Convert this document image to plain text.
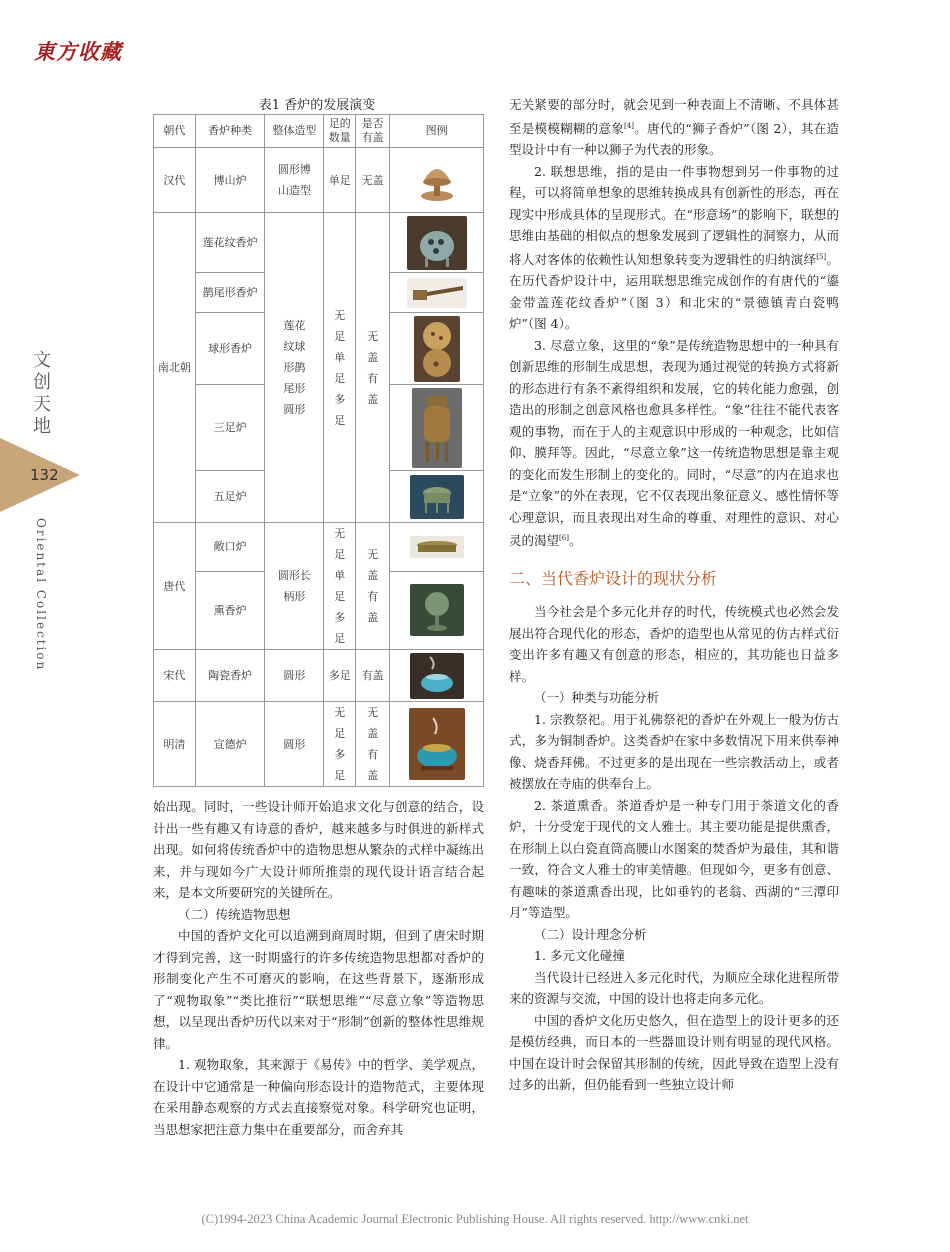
東方收藏
文创天地
132
Oriental Collection
表1 香炉的发展演变
朝代	香炉种类	整体造型	足的数量	是否有盖	图例
汉代	博山炉	圆形博山造型	单足	无盖	

南北朝	莲花纹香炉	莲花纹球形鹊尾形圆形	无足单足多足	无盖有盖	

	鹊尾形香炉	

	球形香炉	

	三足炉	

	五足炉	

唐代	敞口炉	圆形长柄形	无足单足多足	无盖有盖	

	熏香炉	

宋代	陶瓷香炉	圆形	多足	有盖	

明清	宣德炉	圆形	无足多足	无盖有盖	

始出现。同时，一些设计师开始追求文化与创意的结合，设计出一些有趣又有诗意的香炉，越来越多与时俱进的新样式出现。如何将传统香炉中的造物思想从繁杂的式样中凝练出来，并与现如今广大设计师所推崇的现代设计语言结合起来，是本文所要研究的关键所在。

（二）传统造物思想

中国的香炉文化可以追溯到商周时期，但到了唐宋时期才得到完善，这一时期盛行的许多传统造物思想都对香炉的形制变化产生不可磨灭的影响，在这些背景下，逐渐形成了“观物取象”“类比推衍”“联想思维”“尽意立象”等造物思想，以呈现出香炉历代以来对于“形制”创新的整体性思维规律。

1. 观物取象，其来源于《易传》中的哲学、美学观点，在设计中它通常是一种偏向形态设计的造物范式，主要体现在采用静态观察的方式去直接察觉对象。科学研究也证明，当思想家把注意力集中在重要部分，而舍弃其

无关紧要的部分时，就会见到一种表面上不清晰、不具体甚至是模模糊糊的意象[4]。唐代的“狮子香炉”（图 2），其在造型设计中有一种以狮子为代表的形象。

2. 联想思维，指的是由一件事物想到另一件事物的过程，可以将简单想象的思维转换成具有创新性的形态，再在现实中形成具体的呈现形式。在“形意场”的影响下，联想的思维由基础的相似点的想象发展到了逻辑性的洞察力，从而将人对客体的依赖性认知想象转变为逻辑性的归纳演绎[5]。在历代香炉设计中，运用联想思维完成创作的有唐代的“鎏金带盖莲花纹香炉”（图 3）和北宋的“景德镇青白瓷鸭炉”（图 4）。

3. 尽意立象，这里的“象”是传统造物思想中的一种具有创新思维的形制生成思想，表现为通过视觉的转换方式将新的形态进行有条不紊得组织和发展，它的转化能力愈强，创造出的形制之创意风格也愈具多样性。“象”往往不能代表客观的事物，而在于人的主观意识中形成的一种观念，比如信仰、膜拜等。因此，“尽意立象”这一传统造物思想是靠主观的变化而发生形制上的变化的。同时，“尽意”的内在追求也是“立象”的外在表现，它不仅表现出象征意义、感性情怀等心理意识，而且表现出对生命的尊重、对理性的意识、对心灵的渴望[6]。

二、当代香炉设计的现状分析

当今社会是个多元化并存的时代，传统模式也必然会发展出符合现代化的形态，香炉的造型也从常见的仿古样式衍变出许多有趣又有创意的形态，相应的，其功能也日益多样。

（一）种类与功能分析

1. 宗教祭祀。用于礼佛祭祀的香炉在外观上一般为仿古式，多为铜制香炉。这类香炉在家中多数情况下用来供奉神像、烧香拜佛。不过更多的是出现在一些宗教活动上，或者被摆放在寺庙的供奉台上。

2. 茶道熏香。茶道香炉是一种专门用于茶道文化的香炉，十分受宠于现代的文人雅士。其主要功能是提供熏香，在形制上以白瓷直筒高腰山水图案的焚香炉为最佳，其和谐一致，符合文人雅士的审美情趣。但现如今，更多有创意、有趣味的茶道熏香出现，比如垂钓的老翁、西湖的“三潭印月”等造型。

（二）设计理念分析

1. 多元文化碰撞

当代设计已经进入多元化时代，为顺应全球化进程所带来的资源与交流，中国的设计也将走向多元化。

中国的香炉文化历史悠久，但在造型上的设计更多的还是模仿经典，而日本的一些器皿设计则有明显的现代风格。中国在设计时会保留其形制的传统，因此导致在造型上没有过多的出新，但仍能看到一些独立设计师

(C)1994-2023 China Academic Journal Electronic Publishing House. All rights reserved. http://www.cnki.net
